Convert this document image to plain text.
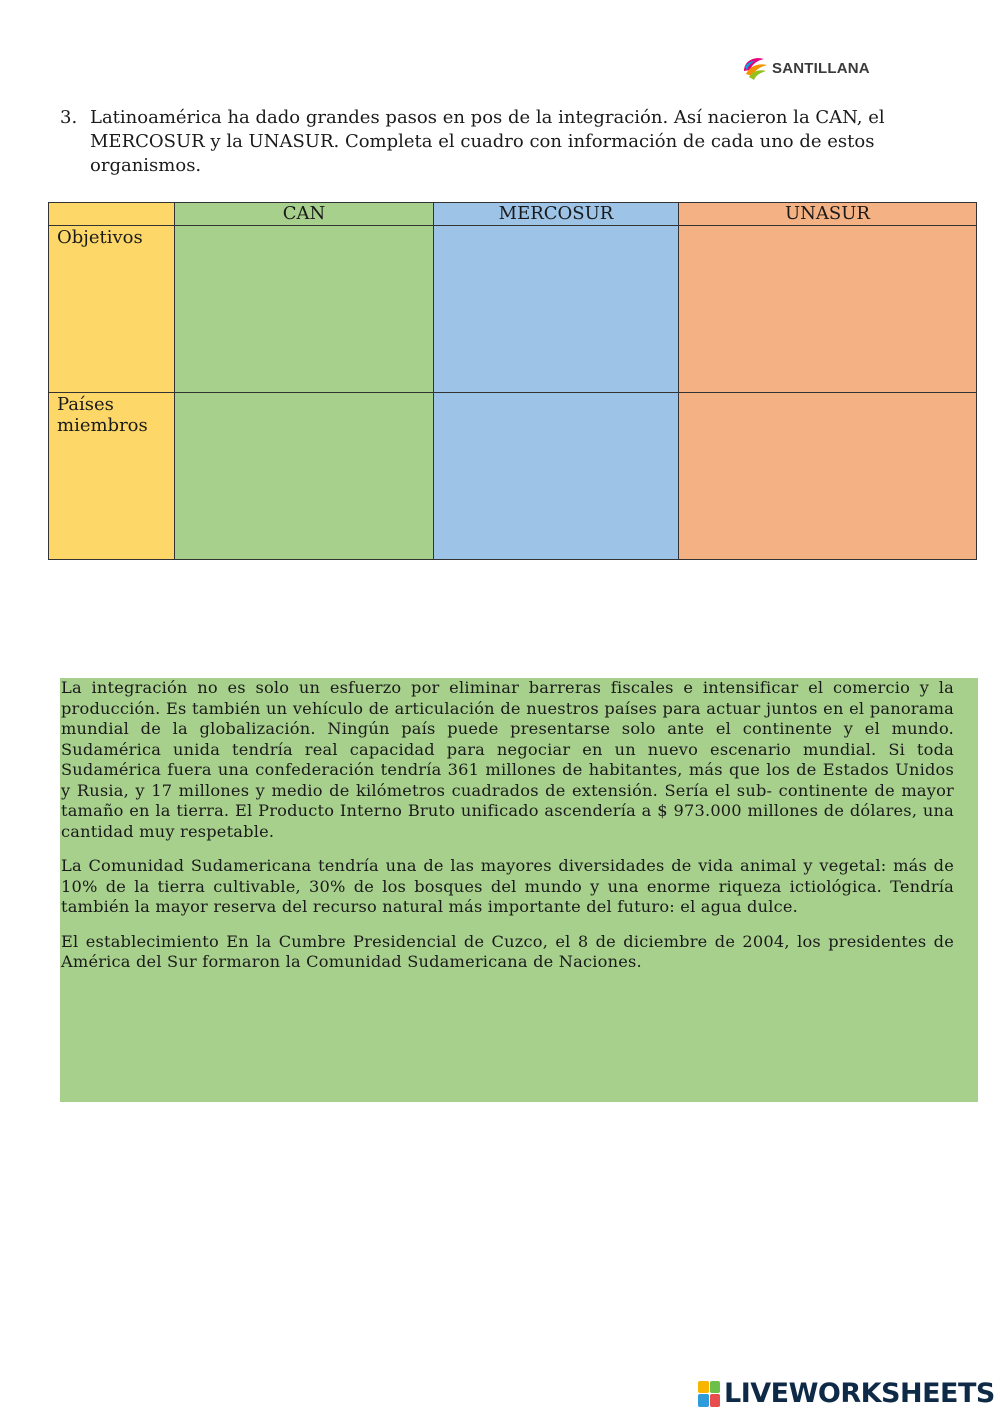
SANTILLANA
3. Latinoamérica ha dado grandes pasos en pos de la integración. Así nacieron la CAN, el MERCOSUR y la UNASUR. Completa el cuadro con información de cada uno de estos organismos.
	CAN	MERCOSUR	UNASUR
Objetivos			
Países miembros			

La integración no es solo un esfuerzo por eliminar barreras fiscales e intensificar el comercio y la producción. Es también un vehículo de articulación de nuestros países para actuar juntos en el panorama mundial de la globalización. Ningún país puede presentarse solo ante el continente y el mundo. Sudamérica unida tendría real capacidad para negociar en un nuevo escenario mundial. Si toda Sudamérica fuera una confederación tendría 361 millones de habitantes, más que los de Estados Unidos y Rusia, y 17 millones y medio de kilómetros cuadrados de extensión. Sería el sub- continente de mayor tamaño en la tierra. El Producto Interno Bruto unificado ascendería a $ 973.000 millones de dólares, una cantidad muy respetable.

La Comunidad Sudamericana tendría una de las mayores diversidades de vida animal y vegetal: más de 10% de la tierra cultivable, 30% de los bosques del mundo y una enorme riqueza ictiológica. Tendría también la mayor reserva del recurso natural más importante del futuro: el agua dulce.

El establecimiento En la Cumbre Presidencial de Cuzco, el 8 de diciembre de 2004, los presidentes de América del Sur formaron la Comunidad Sudamericana de Naciones.

LIVEWORKSHEETS
